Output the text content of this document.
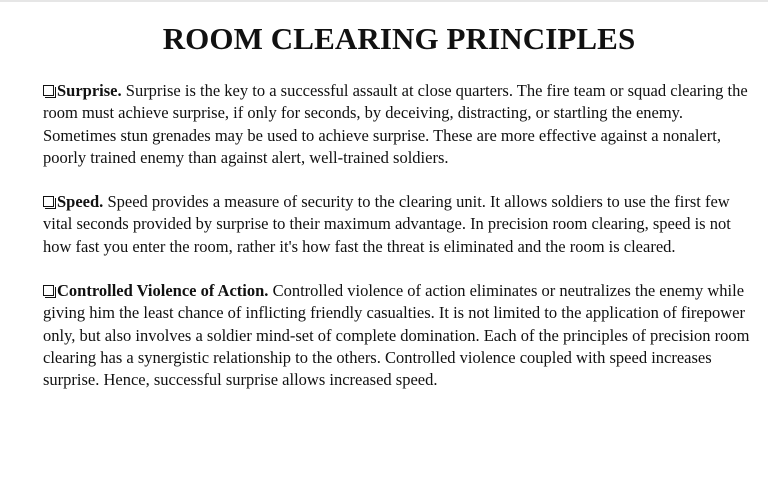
ROOM CLEARING PRINCIPLES

Surprise. Surprise is the key to a successful assault at close quarters. The fire team or squad clearing the room must achieve surprise, if only for seconds, by deceiving, distracting, or startling the enemy. Sometimes stun grenades may be used to achieve surprise. These are more effective against a nonalert, poorly trained enemy than against alert, well-trained soldiers.

Speed. Speed provides a measure of security to the clearing unit. It allows soldiers to use the first few vital seconds provided by surprise to their maximum advantage. In precision room clearing, speed is not how fast you enter the room, rather it's how fast the threat is eliminated and the room is cleared.

Controlled Violence of Action. Controlled violence of action eliminates or neutralizes the enemy while giving him the least chance of inflicting friendly casualties. It is not limited to the application of firepower only, but also involves a soldier mind-set of complete domination. Each of the principles of precision room clearing has a synergistic relationship to the others. Controlled violence coupled with speed increases surprise. Hence, successful surprise allows increased speed.
